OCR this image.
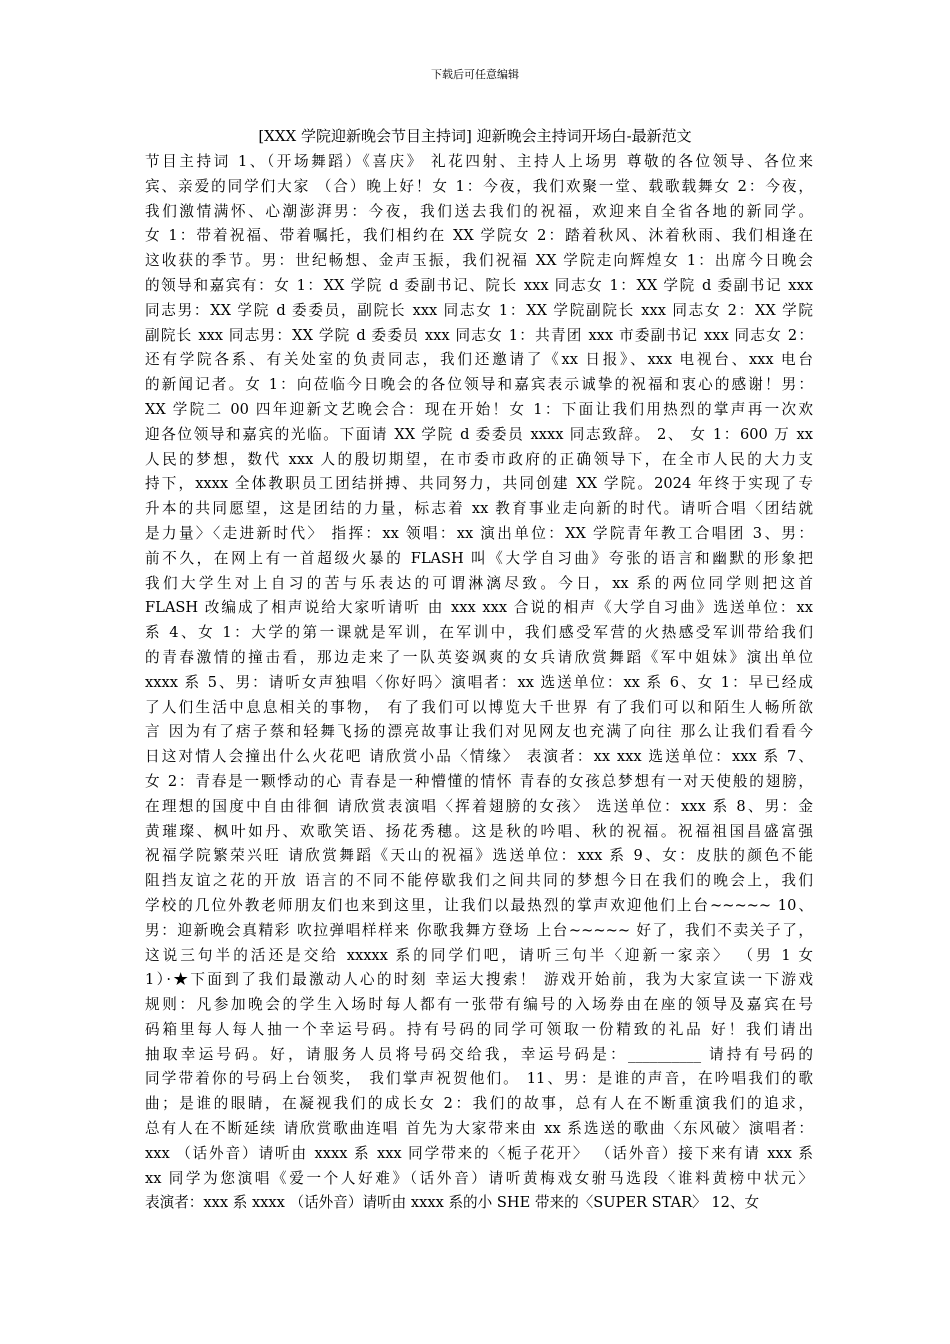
下载后可任意编辑
[XXX 学院迎新晚会节目主持词] 迎新晚会主持词开场白-最新范文
节目主持词 1、（开场舞蹈）《喜庆》 礼花四射、主持人上场男 尊敬的各位领导、各位来
宾、亲爱的同学们大家 （合）晚上好！女 1：今夜，我们欢聚一堂、载歌载舞女 2：今夜，
我们激情满怀、心潮澎湃男：今夜，我们送去我们的祝福，欢迎来自全省各地的新同学。
女 1：带着祝福、带着嘱托，我们相约在 XX 学院女 2：踏着秋风、沐着秋雨、我们相逢在
这收获的季节。男：世纪畅想、金声玉振，我们祝福 XX 学院走向辉煌女 1：出席今日晚会
的领导和嘉宾有：女 1：XX 学院 d 委副书记、院长 xxx 同志女 1：XX 学院 d 委副书记 xxx
同志男：XX 学院 d 委委员，副院长 xxx 同志女 1：XX 学院副院长 xxx 同志女 2：XX 学院
副院长 xxx 同志男：XX 学院 d 委委员 xxx 同志女 1：共青团 xxx 市委副书记 xxx 同志女 2：
还有学院各系、有关处室的负责同志，我们还邀请了《xx 日报》、xxx 电视台、xxx 电台
的新闻记者。女 1：向莅临今日晚会的各位领导和嘉宾表示诚挚的祝福和衷心的感谢！男：
XX 学院二 00 四年迎新文艺晚会合：现在开始！女 1：下面让我们用热烈的掌声再一次欢
迎各位领导和嘉宾的光临。下面请 XX 学院 d 委委员 xxxx 同志致辞。 2、 女 1：600 万 xx
人民的梦想，数代 xxx 人的殷切期望，在市委市政府的正确领导下，在全市人民的大力支
持下，xxxx 全体教职员工团结拼搏、共同努力，共同创建 XX 学院。2024 年终于实现了专
升本的共同愿望，这是团结的力量，标志着 xx 教育事业走向新的时代。请听合唱〈团结就
是力量〉〈走进新时代〉 指挥：xx 领唱：xx 演出单位：XX 学院青年教工合唱团 3、男：
前不久，在网上有一首超级火暴的 FLASH 叫《大学自习曲》夸张的语言和幽默的形象把
我们大学生对上自习的苦与乐表达的可谓淋漓尽致。今日，xx 系的两位同学则把这首
FLASH 改编成了相声说给大家听请听 由 xxx xxx 合说的相声《大学自习曲》选送单位：xx
系 4、女 1：大学的第一课就是军训，在军训中，我们感受军营的火热感受军训带给我们
的青春激情的撞击看，那边走来了一队英姿飒爽的女兵请欣赏舞蹈《军中姐妹》演出单位
xxxx 系 5、男：请听女声独唱〈你好吗〉演唱者：xx 选送单位：xx 系 6、女 1：早已经成
了人们生活中息息相关的事物， 有了我们可以博览大千世界 有了我们可以和陌生人畅所欲
言 因为有了痞子蔡和轻舞飞扬的漂亮故事让我们对见网友也充满了向往 那么让我们看看今
日这对情人会撞出什么火花吧 请欣赏小品〈情缘〉 表演者：xx xxx 选送单位：xxx 系 7、
女 2：青春是一颗悸动的心 青春是一种懵懂的情怀 青春的女孩总梦想有一对天使般的翅膀，
在理想的国度中自由徘徊 请欣赏表演唱〈挥着翅膀的女孩〉 选送单位：xxx 系 8、男：金
黄璀璨、枫叶如丹、欢歌笑语、扬花秀穗。这是秋的吟唱、秋的祝福。祝福祖国昌盛富强
祝福学院繁荣兴旺 请欣赏舞蹈《天山的祝福》选送单位：xxx 系 9、女：皮肤的颜色不能
阻挡友谊之花的开放 语言的不同不能停歇我们之间共同的梦想今日在我们的晚会上，我们
学校的几位外教老师朋友们也来到这里，让我们以最热烈的掌声欢迎他们上台~~~~~ 10、
男：迎新晚会真精彩 吹拉弹唱样样来 你歌我舞方登场 上台~~~~~ 好了，我们不卖关子了，
这说三句半的活还是交给 xxxxx 系的同学们吧，请听三句半〈迎新一家亲〉 （男 1 女
1）·★下面到了我们最激动人心的时刻 幸运大搜索！ 游戏开始前，我为大家宣读一下游戏
规则：凡参加晚会的学生入场时每人都有一张带有编号的入场券由在座的领导及嘉宾在号
码箱里每人每人抽一个幸运号码。持有号码的同学可领取一份精致的礼品 好！我们请出
抽取幸运号码。好，请服务人员将号码交给我，幸运号码是：__________ 请持有号码的
同学带着你的号码上台领奖， 我们掌声祝贺他们。 11、男：是谁的声音，在吟唱我们的歌
曲；是谁的眼睛，在凝视我们的成长女 2：我们的故事，总有人在不断重演我们的追求，
总有人在不断延续 请欣赏歌曲连唱 首先为大家带来由 xx 系选送的歌曲〈东风破〉演唱者：
xxx （话外音）请听由 xxxx 系 xxx 同学带来的〈栀子花开〉 （话外音）接下来有请 xxx 系
xx 同学为您演唱《爱一个人好难》（话外音）请听黄梅戏女驸马选段〈谁料黄榜中状元〉
表演者：xxx 系 xxxx （话外音）请听由 xxxx 系的小 SHE 带来的〈SUPER STAR〉 12、女
